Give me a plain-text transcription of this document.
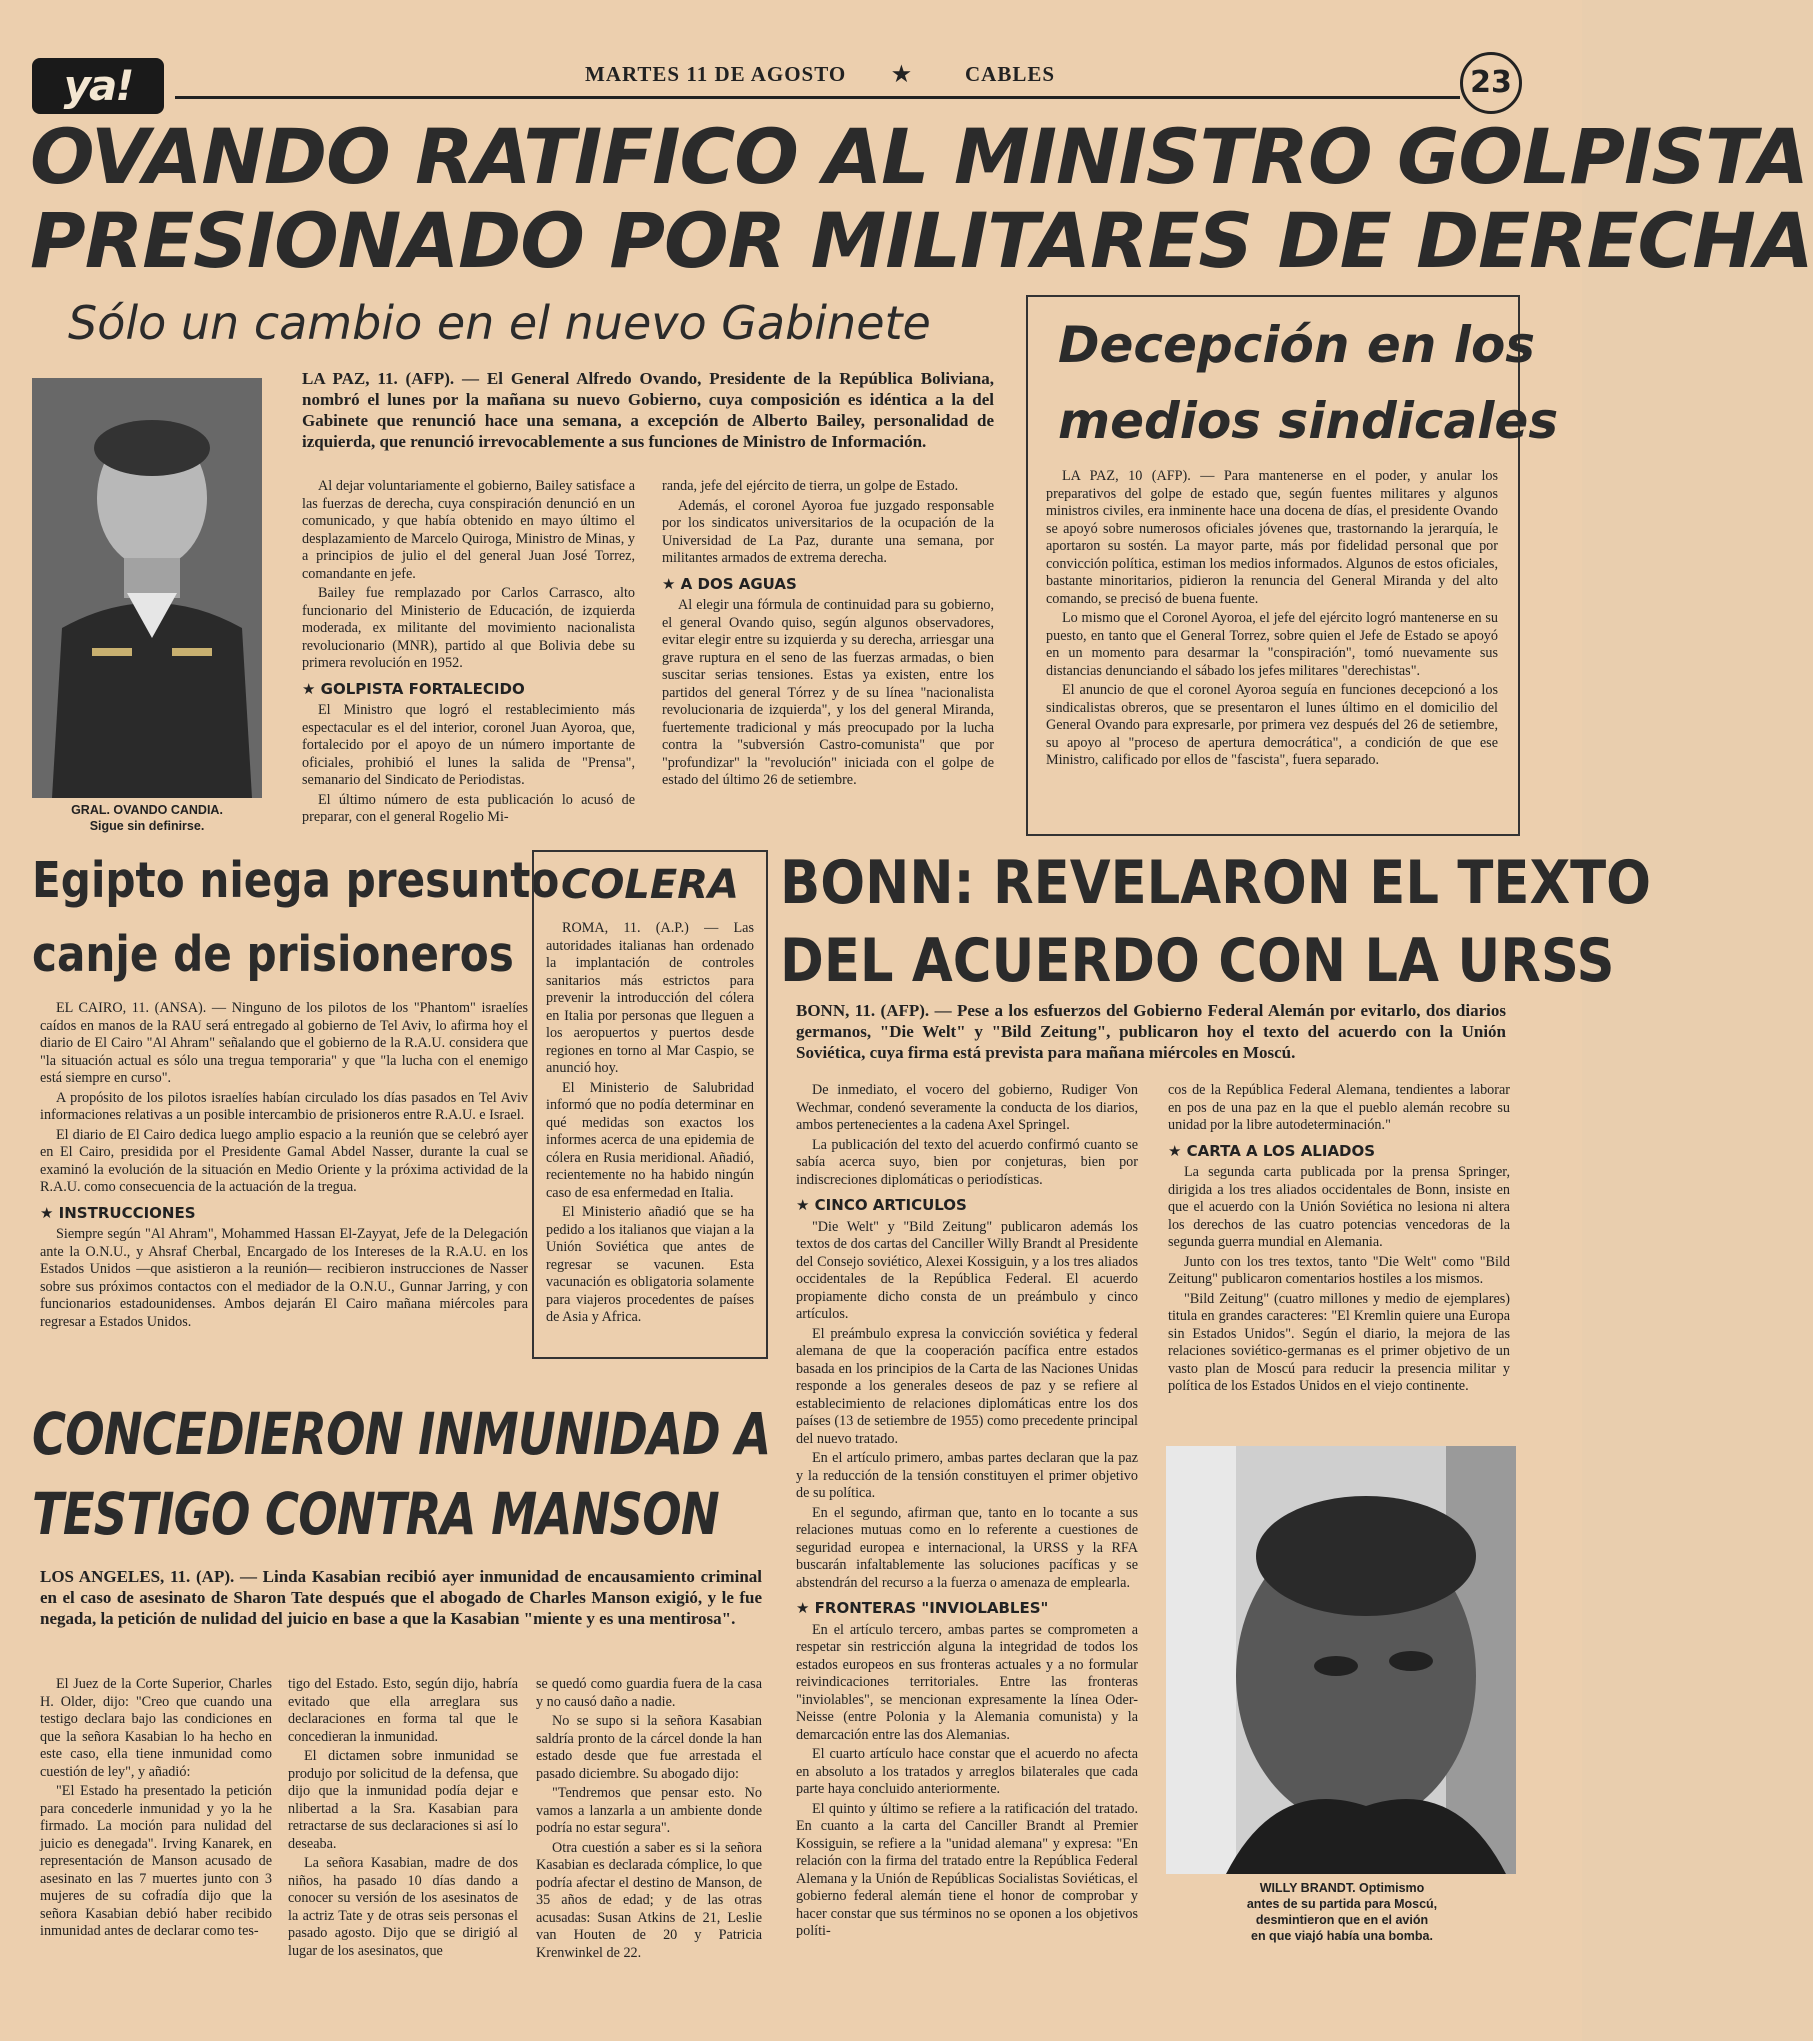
ya!	MARTES 11 DE AGOSTO ★	CABLES	23
OVANDO RATIFICO AL MINISTRO GOLPISTA
PRESIONADO POR MILITARES DE DERECHA
Sólo un cambio en el nuevo Gabinete
GRAL. OVANDO CANDIA.
Sigue sin definirse.
LA PAZ, 11. (AFP). — El General Alfredo Ovando, Presidente de la República Boliviana, nombró el lunes por la mañana su nuevo Gobierno, cuya composición es idéntica a la del Gabinete que renunció hace una semana, a excepción de Alberto Bailey, personalidad de izquierda, que renunció irrevocablemente a sus funciones de Ministro de Información.

Al dejar voluntariamente el gobierno, Bailey satisface a las fuerzas de derecha, cuya conspiración denunció en un comunicado, y que había obtenido en mayo último el desplazamiento de Marcelo Quiroga, Ministro de Minas, y a principios de julio el del general Juan José Torrez, comandante en jefe.

Bailey fue remplazado por Carlos Carrasco, alto funcionario del Ministerio de Educación, de izquierda moderada, ex militante del movimiento nacionalista revolucionario (MNR), partido al que Bolivia debe su primera revolución en 1952.

★ GOLPISTA FORTALECIDO

El Ministro que logró el restablecimiento más espectacular es el del interior, coronel Juan Ayoroa, que, fortalecido por el apoyo de un número importante de oficiales, prohibió el lunes la salida de "Prensa", semanario del Sindicato de Periodistas.

El último número de esta publicación lo acusó de preparar, con el general Rogelio Mi-

randa, jefe del ejército de tierra, un golpe de Estado.

Además, el coronel Ayoroa fue juzgado responsable por los sindicatos universitarios de la ocupación de la Universidad de La Paz, durante una semana, por militantes armados de extrema derecha.

★ A DOS AGUAS

Al elegir una fórmula de continuidad para su gobierno, el general Ovando quiso, según algunos observadores, evitar elegir entre su izquierda y su derecha, arriesgar una grave ruptura en el seno de las fuerzas armadas, o bien suscitar serias tensiones. Estas ya existen, entre los partidos del general Tórrez y de su línea "nacionalista revolucionaria de izquierda", y los del general Miranda, fuertemente tradicional y más preocupado por la lucha contra la "subversión Castro-comunista" que por "profundizar" la "revolución" iniciada con el golpe de estado del último 26 de setiembre.

Decepción en los
medios sindicales

LA PAZ, 10 (AFP). — Para mantenerse en el poder, y anular los preparativos del golpe de estado que, según fuentes militares y algunos ministros civiles, era inminente hace una docena de días, el presidente Ovando se apoyó sobre numerosos oficiales jóvenes que, trastornando la jerarquía, le aportaron su sostén. La mayor parte, más por fidelidad personal que por convicción política, estiman los medios informados. Algunos de estos oficiales, bastante minoritarios, pidieron la renuncia del General Miranda y del alto comando, se precisó de buena fuente.

Lo mismo que el Coronel Ayoroa, el jefe del ejército logró mantenerse en su puesto, en tanto que el General Torrez, sobre quien el Jefe de Estado se apoyó en un momento para desarmar la "conspiración", tomó nuevamente sus distancias denunciando el sábado los jefes militares "derechistas".

El anuncio de que el coronel Ayoroa seguía en funciones decepcionó a los sindicalistas obreros, que se presentaron el lunes último en el domicilio del General Ovando para expresarle, por primera vez después del 26 de setiembre, su apoyo al "proceso de apertura democrática", a condición de que ese Ministro, calificado por ellos de "fascista", fuera separado.

Egipto niega presunto
canje de prisioneros

EL CAIRO, 11. (ANSA). — Ninguno de los pilotos de los "Phantom" israelíes caídos en manos de la RAU será entregado al gobierno de Tel Aviv, lo afirma hoy el diario de El Cairo "Al Ahram" señalando que el gobierno de la R.A.U. considera que "la situación actual es sólo una tregua temporaria" y que "la lucha con el enemigo está siempre en curso".

A propósito de los pilotos israelíes habían circulado los días pasados en Tel Aviv informaciones relativas a un posible intercambio de prisioneros entre R.A.U. e Israel.

El diario de El Cairo dedica luego amplio espacio a la reunión que se celebró ayer en El Cairo, presidida por el Presidente Gamal Abdel Nasser, durante la cual se examinó la evolución de la situación en Medio Oriente y la próxima actividad de la R.A.U. como consecuencia de la actuación de la tregua.

★ INSTRUCCIONES

Siempre según "Al Ahram", Mohammed Hassan El-Zayyat, Jefe de la Delegación ante la O.N.U., y Ahsraf Cherbal, Encargado de los Intereses de la R.A.U. en los Estados Unidos —que asistieron a la reunión— recibieron instrucciones de Nasser sobre sus próximos contactos con el mediador de la O.N.U., Gunnar Jarring, y con funcionarios estadounidenses. Ambos dejarán El Cairo mañana miércoles para regresar a Estados Unidos.

COLERA

ROMA, 11. (A.P.) — Las autoridades italianas han ordenado la implantación de controles sanitarios más estrictos para prevenir la introducción del cólera en Italia por personas que lleguen a los aeropuertos y puertos desde regiones en torno al Mar Caspio, se anunció hoy.

El Ministerio de Salubridad informó que no podía determinar en qué medidas son exactos los informes acerca de una epidemia de cólera en Rusia meridional. Añadió, recientemente no ha habido ningún caso de esa enfermedad en Italia.

El Ministerio añadió que se ha pedido a los italianos que viajan a la Unión Soviética que antes de regresar se vacunen. Esta vacunación es obligatoria solamente para viajeros procedentes de países de Asia y Africa.

BONN: REVELARON EL TEXTO
DEL ACUERDO CON LA URSS
BONN, 11. (AFP). — Pese a los esfuerzos del Gobierno Federal Alemán por evitarlo, dos diarios germanos, "Die Welt" y "Bild Zeitung", publicaron hoy el texto del acuerdo con la Unión Soviética, cuya firma está prevista para mañana miércoles en Moscú.

De inmediato, el vocero del gobierno, Rudiger Von Wechmar, condenó severamente la conducta de los diarios, ambos pertenecientes a la cadena Axel Springel.

La publicación del texto del acuerdo confirmó cuanto se sabía acerca suyo, bien por conjeturas, bien por indiscreciones diplomáticas o periodísticas.

★ CINCO ARTICULOS

"Die Welt" y "Bild Zeitung" publicaron además los textos de dos cartas del Canciller Willy Brandt al Presidente del Consejo soviético, Alexei Kossiguin, y a los tres aliados occidentales de la República Federal. El acuerdo propiamente dicho consta de un preámbulo y cinco artículos.

El preámbulo expresa la convicción soviética y federal alemana de que la cooperación pacífica entre estados basada en los principios de la Carta de las Naciones Unidas responde a los generales deseos de paz y se refiere al establecimiento de relaciones diplomáticas entre los dos países (13 de setiembre de 1955) como precedente principal del nuevo tratado.

En el artículo primero, ambas partes declaran que la paz y la reducción de la tensión constituyen el primer objetivo de su política.

En el segundo, afirman que, tanto en lo tocante a sus relaciones mutuas como en lo referente a cuestiones de seguridad europea e internacional, la URSS y la RFA buscarán infaltablemente las soluciones pacíficas y se abstendrán del recurso a la fuerza o amenaza de emplearla.

★ FRONTERAS "INVIOLABLES"

En el artículo tercero, ambas partes se comprometen a respetar sin restricción alguna la integridad de todos los estados europeos en sus fronteras actuales y a no formular reivindicaciones territoriales. Entre las fronteras "inviolables", se mencionan expresamente la línea Oder-Neisse (entre Polonia y la Alemania comunista) y la demarcación entre las dos Alemanias.

El cuarto artículo hace constar que el acuerdo no afecta en absoluto a los tratados y arreglos bilaterales que cada parte haya concluido anteriormente.

El quinto y último se refiere a la ratificación del tratado. En cuanto a la carta del Canciller Brandt al Premier Kossiguin, se refiere a la "unidad alemana" y expresa: "En relación con la firma del tratado entre la República Federal Alemana y la Unión de Repúblicas Socialistas Soviéticas, el gobierno federal alemán tiene el honor de comprobar y hacer constar que sus términos no se oponen a los objetivos políti-

cos de la República Federal Alemana, tendientes a laborar en pos de una paz en la que el pueblo alemán recobre su unidad por la libre autodeterminación."

★ CARTA A LOS ALIADOS

La segunda carta publicada por la prensa Springer, dirigida a los tres aliados occidentales de Bonn, insiste en que el acuerdo con la Unión Soviética no lesiona ni altera los derechos de las cuatro potencias vencedoras de la segunda guerra mundial en Alemania.

Junto con los tres textos, tanto "Die Welt" como "Bild Zeitung" publicaron comentarios hostiles a los mismos.

"Bild Zeitung" (cuatro millones y medio de ejemplares) titula en grandes caracteres: "El Kremlin quiere una Europa sin Estados Unidos". Según el diario, la mejora de las relaciones soviético-germanas es el primer objetivo de un vasto plan de Moscú para reducir la presencia militar y política de los Estados Unidos en el viejo continente.

WILLY BRANDT. Optimismo
antes de su partida para Moscú,
desmintieron que en el avión
en que viajó había una bomba.
CONCEDIERON INMUNIDAD A
TESTIGO CONTRA MANSON
LOS ANGELES, 11. (AP). — Linda Kasabian recibió ayer inmunidad de encausamiento criminal en el caso de asesinato de Sharon Tate después que el abogado de Charles Manson exigió, y le fue negada, la petición de nulidad del juicio en base a que la Kasabian "miente y es una mentirosa".

El Juez de la Corte Superior, Charles H. Older, dijo: "Creo que cuando una testigo declara bajo las condiciones en que la señora Kasabian lo ha hecho en este caso, ella tiene inmunidad como cuestión de ley", y añadió:

"El Estado ha presentado la petición para concederle inmunidad y yo la he firmado. La moción para nulidad del juicio es denegada". Irving Kanarek, en representación de Manson acusado de asesinato en las 7 muertes junto con 3 mujeres de su cofradía dijo que la señora Kasabian debió haber recibido inmunidad antes de declarar como tes-

tigo del Estado. Esto, según dijo, habría evitado que ella arreglara sus declaraciones en forma tal que le concedieran la inmunidad.

El dictamen sobre inmunidad se produjo por solicitud de la defensa, que dijo que la inmunidad podía dejar e nlibertad a la Sra. Kasabian para retractarse de sus declaraciones si así lo deseaba.

La señora Kasabian, madre de dos niños, ha pasado 10 días dando a conocer su versión de los asesinatos de la actriz Tate y de otras seis personas el pasado agosto. Dijo que se dirigió al lugar de los asesinatos, que

se quedó como guardia fuera de la casa y no causó daño a nadie.

No se supo si la señora Kasabian saldría pronto de la cárcel donde la han estado desde que fue arrestada el pasado diciembre. Su abogado dijo:

"Tendremos que pensar esto. No vamos a lanzarla a un ambiente donde podría no estar segura".

Otra cuestión a saber es si la señora Kasabian es declarada cómplice, lo que podría afectar el destino de Manson, de 35 años de edad; y de las otras acusadas: Susan Atkins de 21, Leslie van Houten de 20 y Patricia Krenwinkel de 22.
